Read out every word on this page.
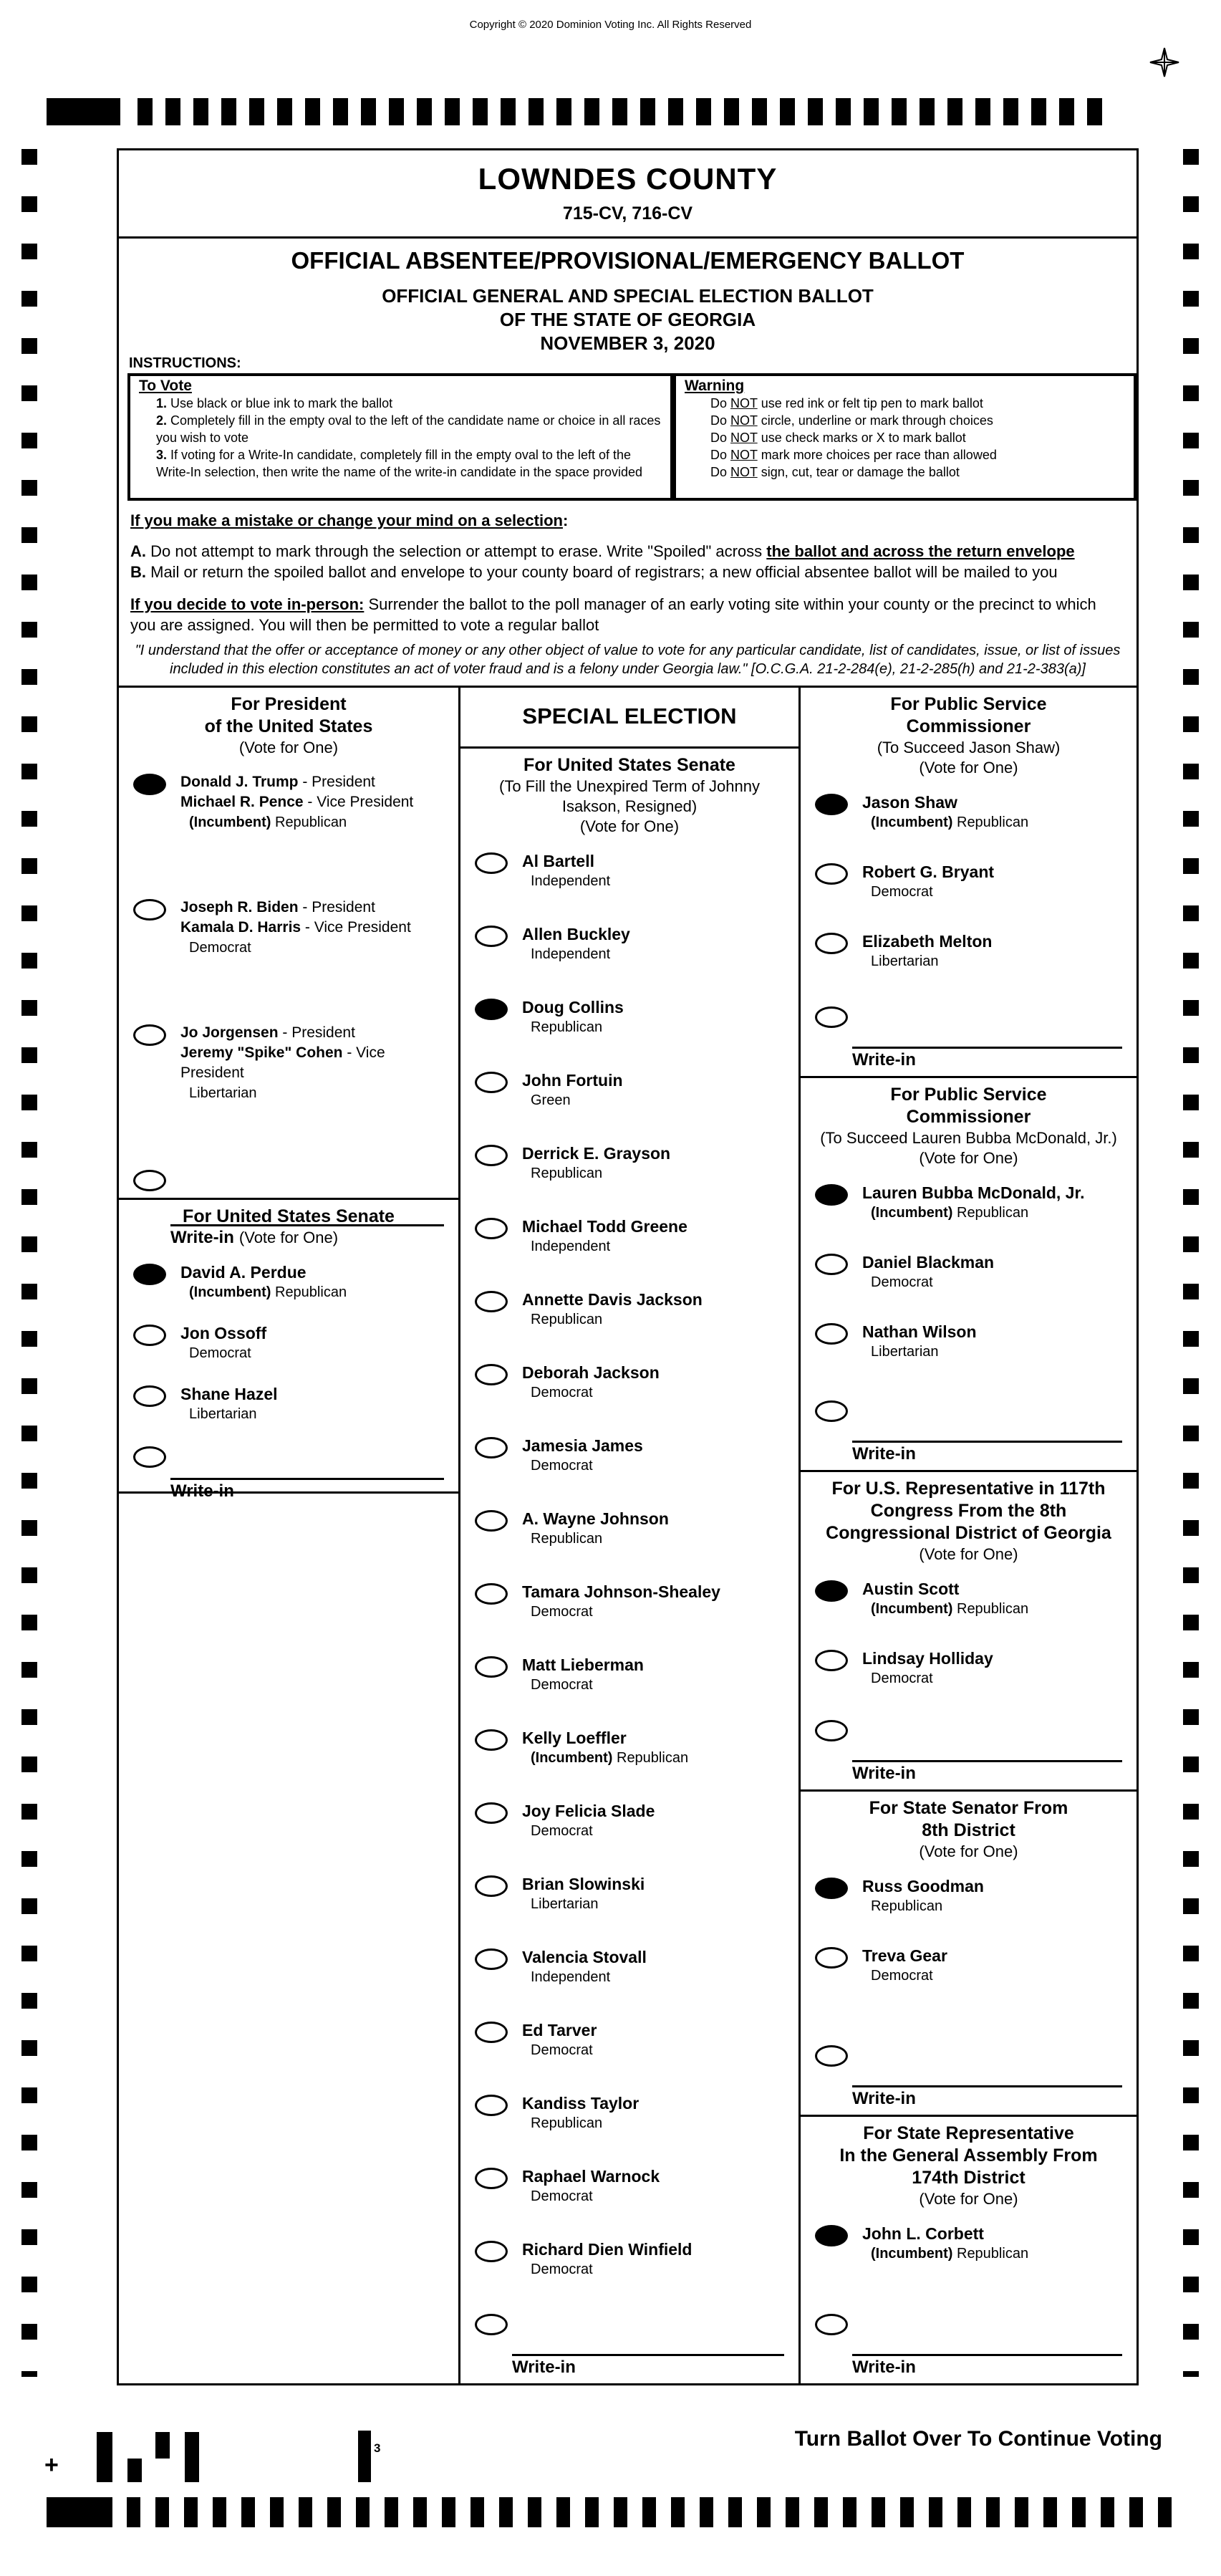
Copyright © 2020 Dominion Voting Inc. All Rights Reserved
LOWNDES COUNTY
715-CV, 716-CV
OFFICIAL ABSENTEE/PROVISIONAL/EMERGENCY BALLOT
OFFICIAL GENERAL AND SPECIAL ELECTION BALLOT
OF THE STATE OF GEORGIA
NOVEMBER 3, 2020
INSTRUCTIONS:
To Vote
1. Use black or blue ink to mark the ballot
2. Completely fill in the empty oval to the left of the candidate name or choice in all races you wish to vote
3. If voting for a Write-In candidate, completely fill in the empty oval to the left of the Write-In selection, then write the name of the write-in candidate in the space provided
Warning
Do NOT use red ink or felt tip pen to mark ballot
Do NOT circle, underline or mark through choices
Do NOT use check marks or X to mark ballot
Do NOT mark more choices per race than allowed
Do NOT sign, cut, tear or damage the ballot
If you make a mistake or change your mind on a selection:
A. Do not attempt to mark through the selection or attempt to erase. Write "Spoiled" across the ballot and across the return envelope
B. Mail or return the spoiled ballot and envelope to your county board of registrars; a new official absentee ballot will be mailed to you
If you decide to vote in-person: Surrender the ballot to the poll manager of an early voting site within your county or the precinct to which you are assigned. You will then be permitted to vote a regular ballot
"I understand that the offer or acceptance of money or any other object of value to vote for any particular candidate, list of candidates, issue, or list of issues included in this election constitutes an act of voter fraud and is a felony under Georgia law." [O.C.G.A. 21-2-284(e), 21-2-285(h) and 21-2-383(a)]
For President
of the United States
(Vote for One)
Donald J. Trump - President
Michael R. Pence - Vice President
(Incumbent) Republican
Joseph R. Biden - President
Kamala D. Harris - Vice President
Democrat
Jo Jorgensen - President
Jeremy "Spike" Cohen - Vice President
Libertarian
Write-in
For United States Senate
(Vote for One)
David A. Perdue
(Incumbent) Republican
Jon Ossoff
Democrat
Shane Hazel
Libertarian
Write-in
SPECIAL ELECTION
For United States Senate
(To Fill the Unexpired Term of Johnny
Isakson, Resigned)
(Vote for One)
Al Bartell
Independent
Allen Buckley
Independent
Doug Collins
Republican
John Fortuin
Green
Derrick E. Grayson
Republican
Michael Todd Greene
Independent
Annette Davis Jackson
Republican
Deborah Jackson
Democrat
Jamesia James
Democrat
A. Wayne Johnson
Republican
Tamara Johnson-Shealey
Democrat
Matt Lieberman
Democrat
Kelly Loeffler
(Incumbent) Republican
Joy Felicia Slade
Democrat
Brian Slowinski
Libertarian
Valencia Stovall
Independent
Ed Tarver
Democrat
Kandiss Taylor
Republican
Raphael Warnock
Democrat
Richard Dien Winfield
Democrat
Write-in
For Public Service
Commissioner
(To Succeed Jason Shaw)
(Vote for One)
Jason Shaw
(Incumbent) Republican
Robert G. Bryant
Democrat
Elizabeth Melton
Libertarian
Write-in
For Public Service
Commissioner
(To Succeed Lauren Bubba McDonald, Jr.)
(Vote for One)
Lauren Bubba McDonald, Jr.
(Incumbent) Republican
Daniel Blackman
Democrat
Nathan Wilson
Libertarian
Write-in
For U.S. Representative in 117th
Congress From the 8th
Congressional District of Georgia
(Vote for One)
Austin Scott
(Incumbent) Republican
Lindsay Holliday
Democrat
Write-in
For State Senator From
8th District
(Vote for One)
Russ Goodman
Republican
Treva Gear
Democrat
Write-in
For State Representative
In the General Assembly From
174th District
(Vote for One)
John L. Corbett
(Incumbent) Republican
Write-in
+
3	Turn Ballot Over To Continue Voting
